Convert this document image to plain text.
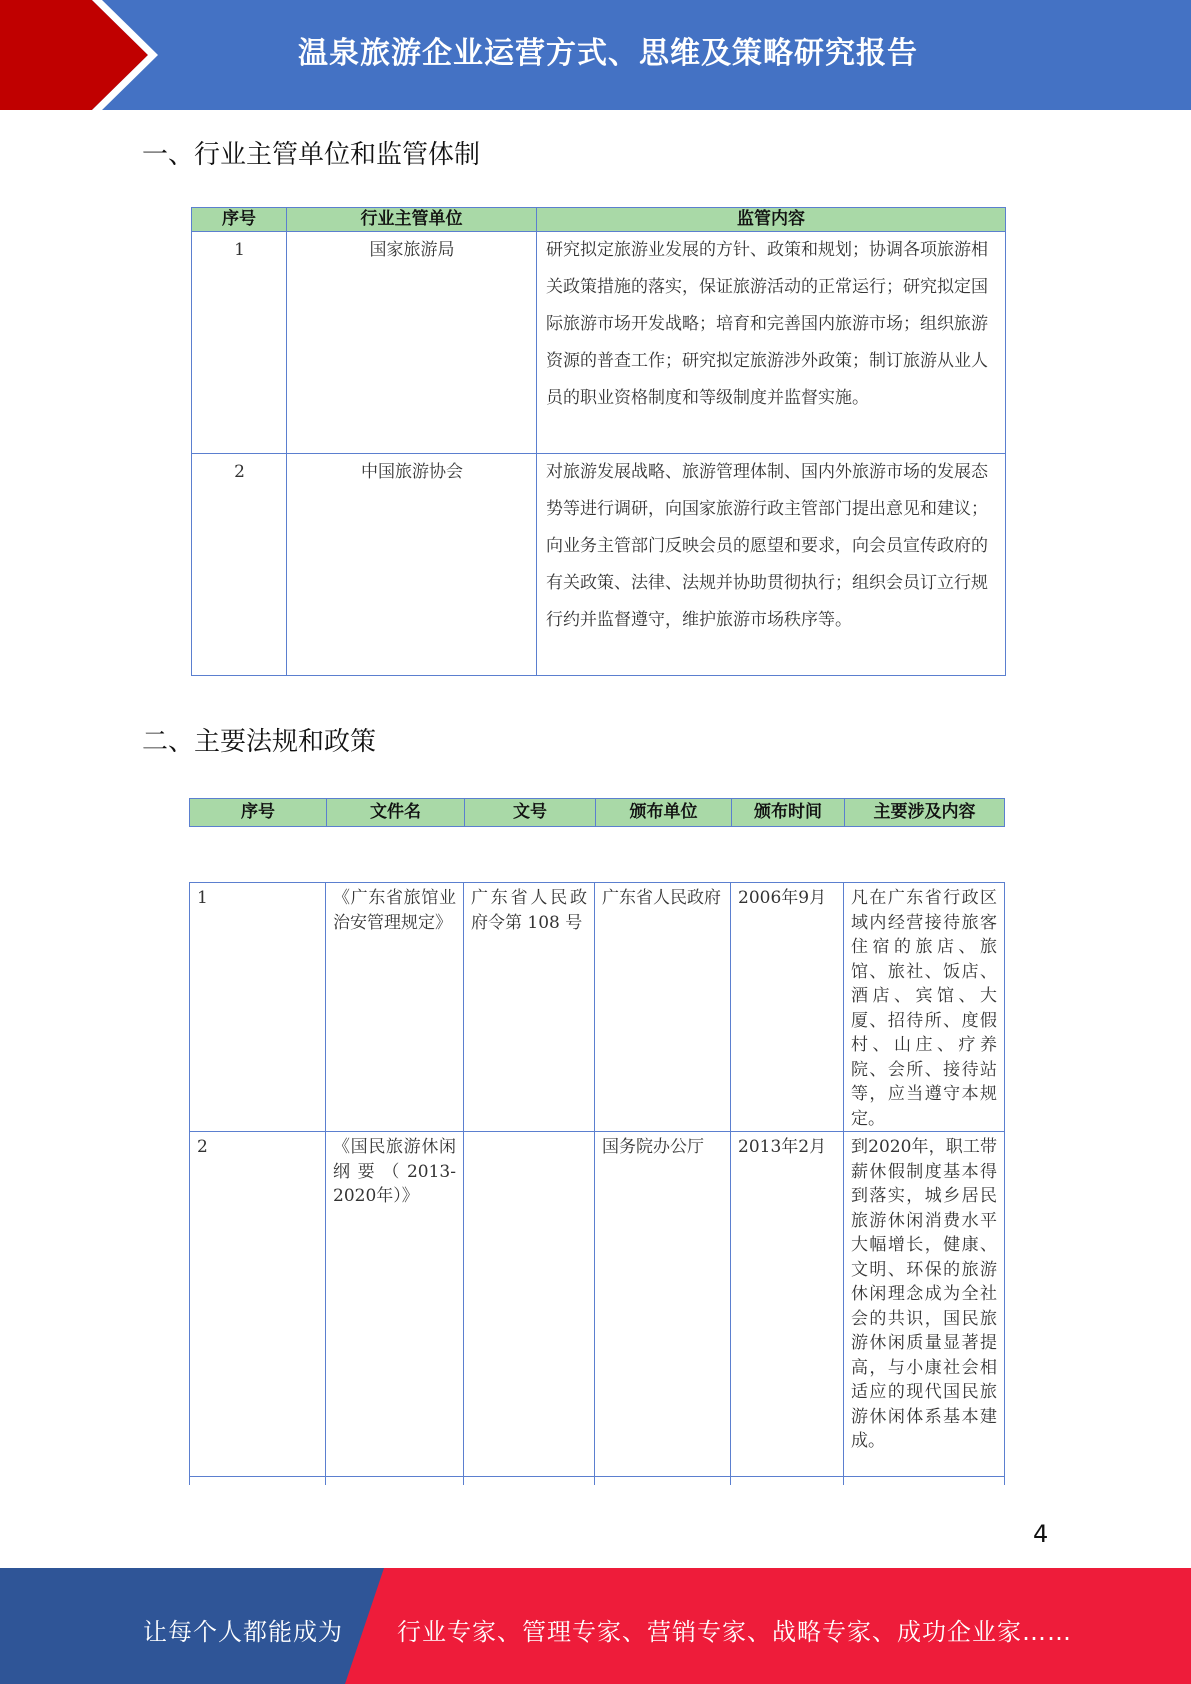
温泉旅游企业运营方式、思维及策略研究报告
一、行业主管单位和监管体制
序号	行业主管单位	监管内容
1	国家旅游局	研究拟定旅游业发展的方针、政策和规划；协调各项旅游相关政策措施的落实，保证旅游活动的正常运行；研究拟定国际旅游市场开发战略；培育和完善国内旅游市场；组织旅游资源的普查工作；研究拟定旅游涉外政策；制订旅游从业人员的职业资格制度和等级制度并监督实施。
2	中国旅游协会	对旅游发展战略、旅游管理体制、国内外旅游市场的发展态势等进行调研，向国家旅游行政主管部门提出意见和建议；向业务主管部门反映会员的愿望和要求，向会员宣传政府的有关政策、法律、法规并协助贯彻执行；组织会员订立行规行约并监督遵守，维护旅游市场秩序等。
二、主要法规和政策
序号	文件名	文号	颁布单位	颁布时间	主要涉及内容
1	《广东省旅馆业治安管理规定》	广东省人民政府令第 108 号	广东省人民政府	2006年9月	凡在广东省行政区域内经营接待旅客住宿的旅店、旅馆、旅社、饭店、酒店、宾馆、大厦、招待所、度假村、山庄、疗养院、会所、接待站等，应当遵守本规定。
2	《国民旅游休闲纲要（2013-2020年）》		国务院办公厅	2013年2月	到2020年，职工带薪休假制度基本得到落实，城乡居民旅游休闲消费水平大幅增长，健康、文明、环保的旅游休闲理念成为全社会的共识，国民旅游休闲质量显著提高，与小康社会相适应的现代国民旅游休闲体系基本建成。

4
让每个人都能成为 行业专家、管理专家、营销专家、战略专家、成功企业家……
